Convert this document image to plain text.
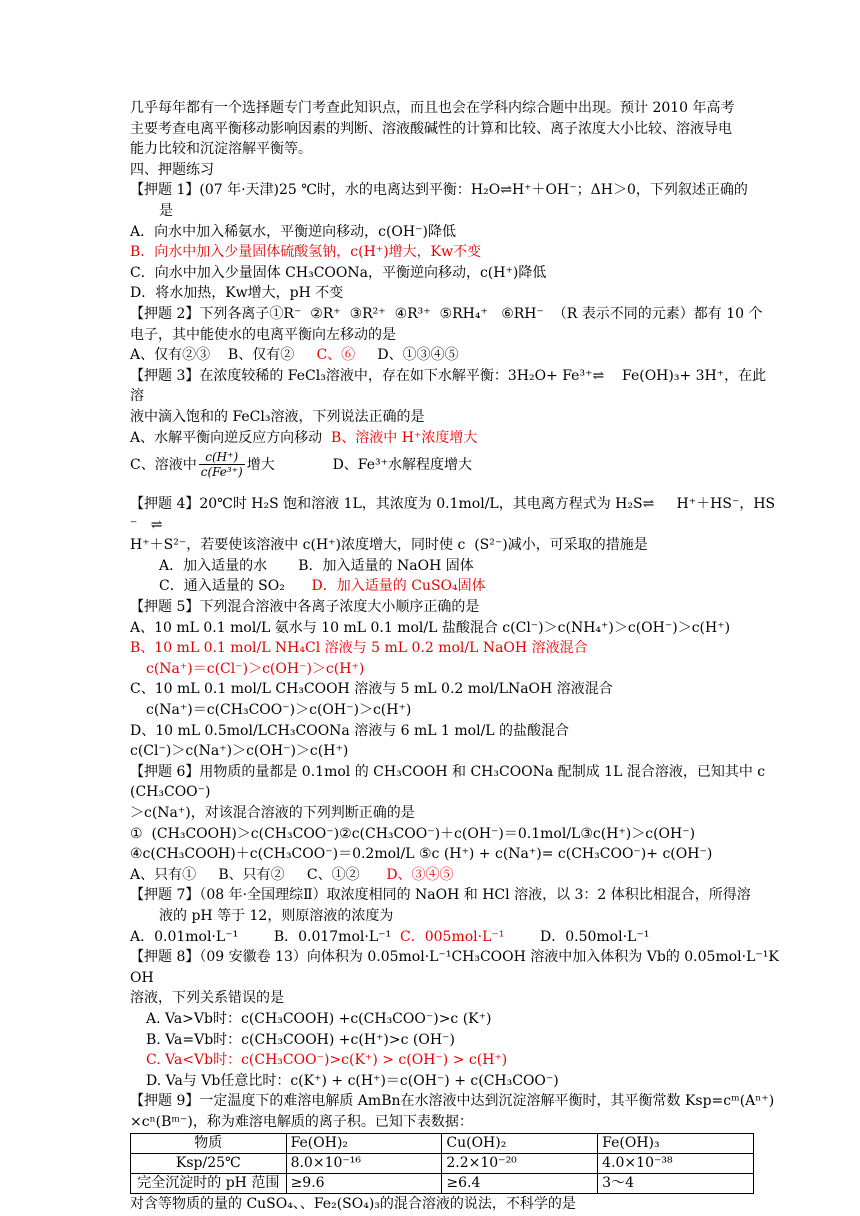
几乎每年都有一个选择题专门考查此知识点，而且也会在学科内综合题中出现。预计 2010 年高考
主要考查电离平衡移动影响因素的判断、溶液酸碱性的计算和比较、离子浓度大小比较、溶液导电
能力比较和沉淀溶解平衡等。
四、押题练习
【押题 1】(07 年·天津)25 ℃时，水的电离达到平衡：H₂O⇌H⁺＋OH⁻；ΔH＞0，下列叙述正确的
是
A．向水中加入稀氨水，平衡逆向移动，c(OH⁻)降低
B．向水中加入少量固体硫酸氢钠，c(H⁺)增大，Kw不变
C．向水中加入少量固体 CH₃COONa，平衡逆向移动，c(H⁺)降低
D．将水加热，Kw增大，pH 不变
【押题 2】下列各离子①R⁻  ②R⁺  ③R²⁺  ④R³⁺  ⑤RH₄⁺   ⑥RH⁻  （R 表示不同的元素）都有 10 个
电子，其中能使水的电离平衡向左移动的是
A、仅有②③    B、仅有②     C、⑥     D、①③④⑤
【押题 3】在浓度较稀的 FeCl₃溶液中，存在如下水解平衡：3H₂O+ Fe³⁺⇌    Fe(OH)₃+ 3H⁺，在此溶
液中滴入饱和的 FeCl₃溶液，下列说法正确的是
A、水解平衡向逆反应方向移动  B、溶液中 H⁺浓度增大
C、溶液中 $\frac{c(H^+)}{\text{c(Fe³⁺)}}$ 增大             D、Fe³⁺水解程度增大
【押题 4】20℃时 H₂S 饱和溶液 1L，其浓度为 0.1mol/L，其电离方程式为 H₂S⇌     H⁺＋HS⁻，HS⁻   ⇌
H⁺＋S²⁻，若要使该溶液中 c(H⁺)浓度增大，同时使 c  (S²⁻)减小，可采取的措施是
A．加入适量的水       B．加入适量的 NaOH 固体
C．通入适量的 SO₂      D．加入适量的 CuSO₄固体
【押题 5】下列混合溶液中各离子浓度大小顺序正确的是
A、10 mL 0.1 mol/L 氨水与 10 mL 0.1 mol/L 盐酸混合 c(Cl⁻)＞c(NH₄⁺)＞c(OH⁻)＞c(H⁺)
B、10 mL 0.1 mol/L NH₄Cl 溶液与 5 mL 0.2 mol/L NaOH 溶液混合
c(Na⁺)＝c(Cl⁻)＞c(OH⁻)＞c(H⁺)
C、10 mL 0.1 mol/L CH₃COOH 溶液与 5 mL 0.2 mol/LNaOH 溶液混合
c(Na⁺)＝c(CH₃COO⁻)＞c(OH⁻)＞c(H⁺)
D、10 mL 0.5mol/LCH₃COONa 溶液与 6 mL 1 mol/L 的盐酸混合
c(Cl⁻)＞c(Na⁺)＞c(OH⁻)＞c(H⁺)
【押题 6】用物质的量都是 0.1mol 的 CH₃COOH 和 CH₃COONa 配制成 1L 混合溶液，已知其中 c(CH₃COO⁻)
＞c(Na⁺)，对该混合溶液的下列判断正确的是
①  (CH₃COOH)＞c(CH₃COO⁻)②c(CH₃COO⁻)＋c(OH⁻)＝0.1mol/L③c(H⁺)＞c(OH⁻)
④c(CH₃COOH)＋c(CH₃COO⁻)＝0.2mol/L ⑤c (H⁺) + c(Na⁺)= c(CH₃COO⁻)+ c(OH⁻)
A、只有①     B、只有②     C、①②      D、③④⑤
【押题 7】（08 年·全国理综Ⅱ）取浓度相同的 NaOH 和 HCl 溶液，以 3：2 体积比相混合，所得溶
液的 pH 等于 12，则原溶液的浓度为
A．0.01mol·L⁻¹        B．0.017mol·L⁻¹  C．005mol·L⁻¹        D．0.50mol·L⁻¹
【押题 8】（09 安徽卷 13）向体积为 0.05mol·L⁻¹CH₃COOH 溶液中加入体积为 Vb的 0.05mol·L⁻¹KOH
溶液，下列关系错误的是
A. Va>Vb时：c(CH₃COOH) +c(CH₃COO⁻)>c (K⁺)
B. Va=Vb时：c(CH₃COOH) +c(H⁺)>c (OH⁻)
C. Va<Vb时：c(CH₃COO⁻)>c(K⁺) > c(OH⁻) > c(H⁺)
D. Va与 Vb任意比时：c(K⁺) + c(H⁺)＝c(OH⁻) + c(CH₃COO⁻)
【押题 9】一定温度下的难溶电解质 AmBn在水溶液中达到沉淀溶解平衡时，其平衡常数 Ksp=cᵐ(Aⁿ⁺)
×cⁿ(Bᵐ⁻)，称为难溶电解质的离子积。已知下表数据：
物质	Fe(OH)₂	Cu(OH)₂	Fe(OH)₃
Ksp/25℃	8.0×10⁻¹⁶	2.2×10⁻²⁰	4.0×10⁻³⁸
完全沉淀时的 pH 范围	≥9.6	≥6.4	3～4
对含等物质的量的 CuSO₄、、Fe₂(SO₄)₃的混合溶液的说法，不科学的是
